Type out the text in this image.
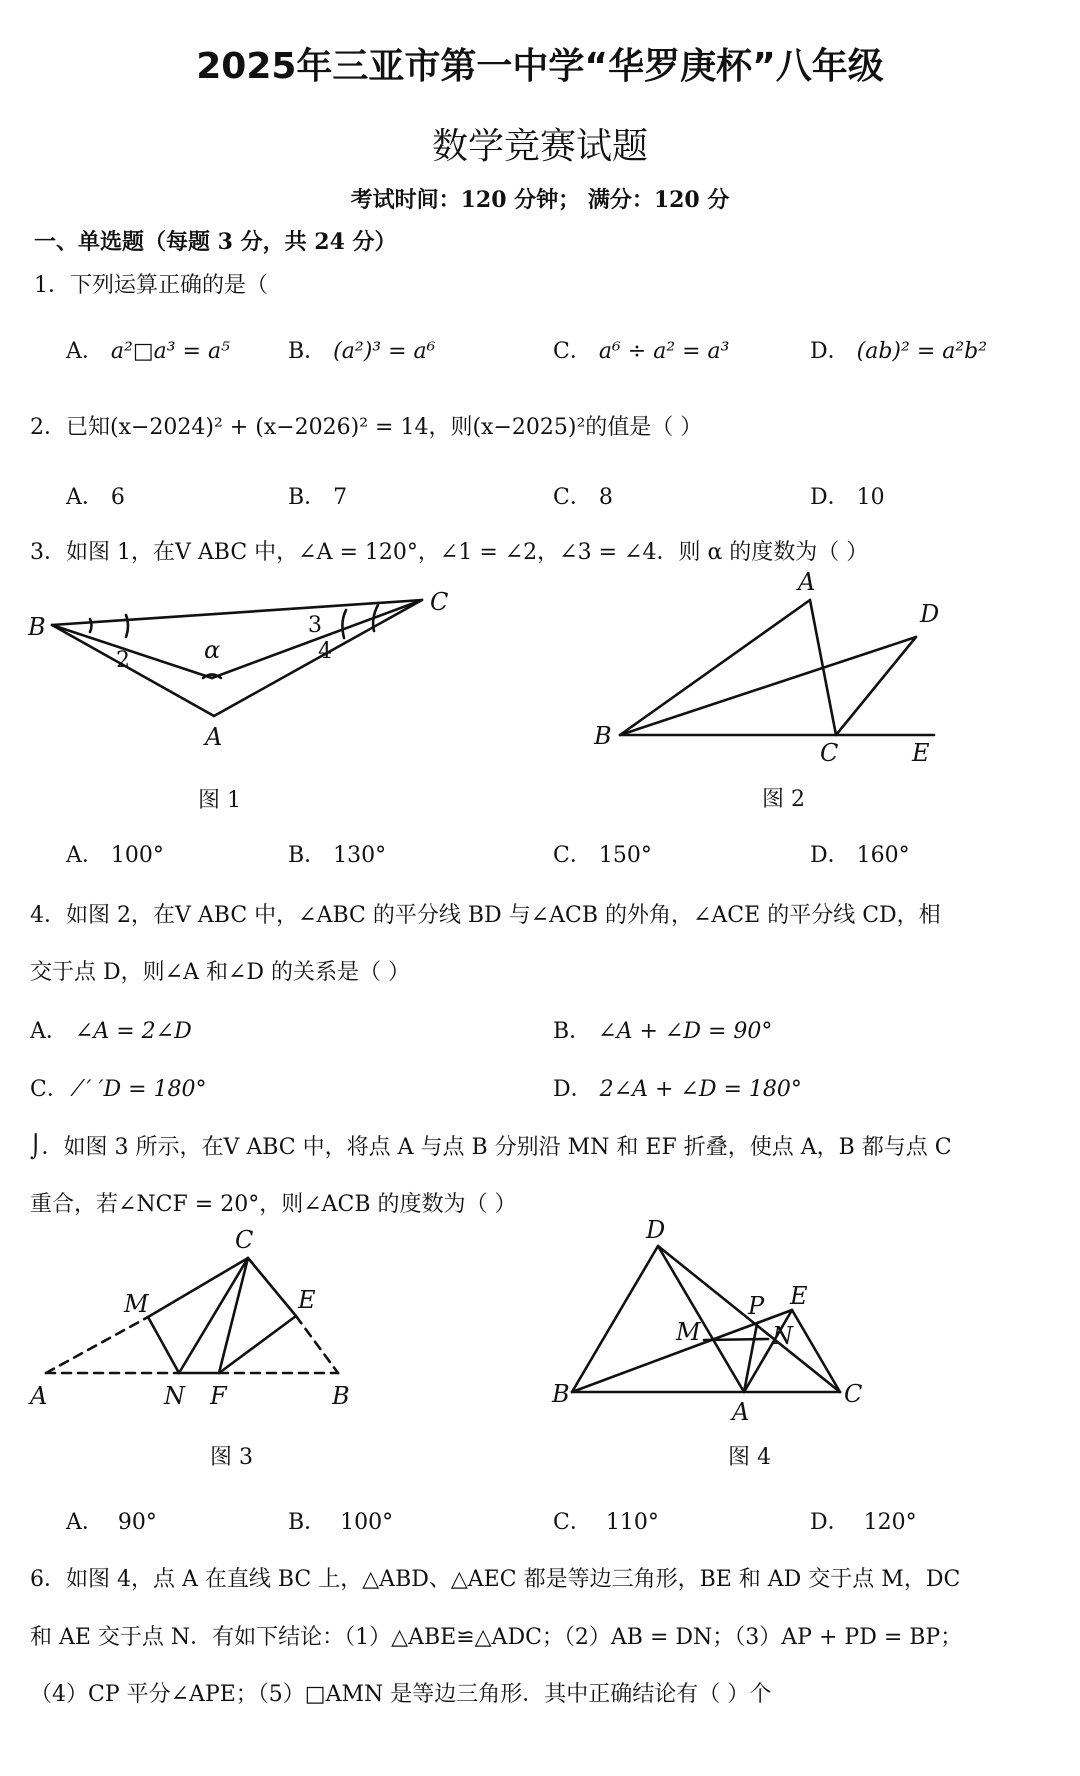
2025年三亚市第一中学“华罗庚杯”八年级
数学竞赛试题
考试时间：120 分钟； 满分：120 分
一、单选题（每题 3 分，共 24 分）
1．下列运算正确的是（
A． a²□a³ = a⁵	B． (a²)³ = a⁶	C． a⁶ ÷ a² = a³	D． (ab)² = a²b²
2．已知(x−2024)² + (x−2026)² = 14，则(x−2025)²的值是（ ）
A． 6	B． 7	C． 8	D． 10
3．如图 1，在V ABC 中，∠A = 120°，∠1 = ∠2，∠3 = ∠4．则 α 的度数为（ ）
B
C
A
α
2
3
4
图 1
A
D
B
C	E
图 2
A． 100°	B． 130°	C． 150°	D． 160°
4．如图 2，在V ABC 中，∠ABC 的平分线 BD 与∠ACB 的外角，∠ACE 的平分线 CD，相
交于点 D，则∠A 和∠D 的关系是（ ）
A． ∠A = 2∠D	B． ∠A + ∠D = 90°
C． ⁄ ′ ′D = 180°	D． 2∠A + ∠D = 180°
⌡．如图 3 所示，在V ABC 中，将点 A 与点 B 分别沿 MN 和 EF 折叠，使点 A，B 都与点 C
重合，若∠NCF = 20°，则∠ACB 的度数为（ ）
C
M	E
A	N F	B
图 3
D
E
P
M	N
B
A
C
图 4
A． 90°	B． 100°	C． 110°	D． 120°
6．如图 4，点 A 在直线 BC 上，△ABD、△AEC 都是等边三角形，BE 和 AD 交于点 M，DC
和 AE 交于点 N．有如下结论：（1）△ABE≌△ADC；（2）AB = DN；（3）AP + PD = BP；
（4）CP 平分∠APE；（5）□AMN 是等边三角形．其中正确结论有（ ）个
